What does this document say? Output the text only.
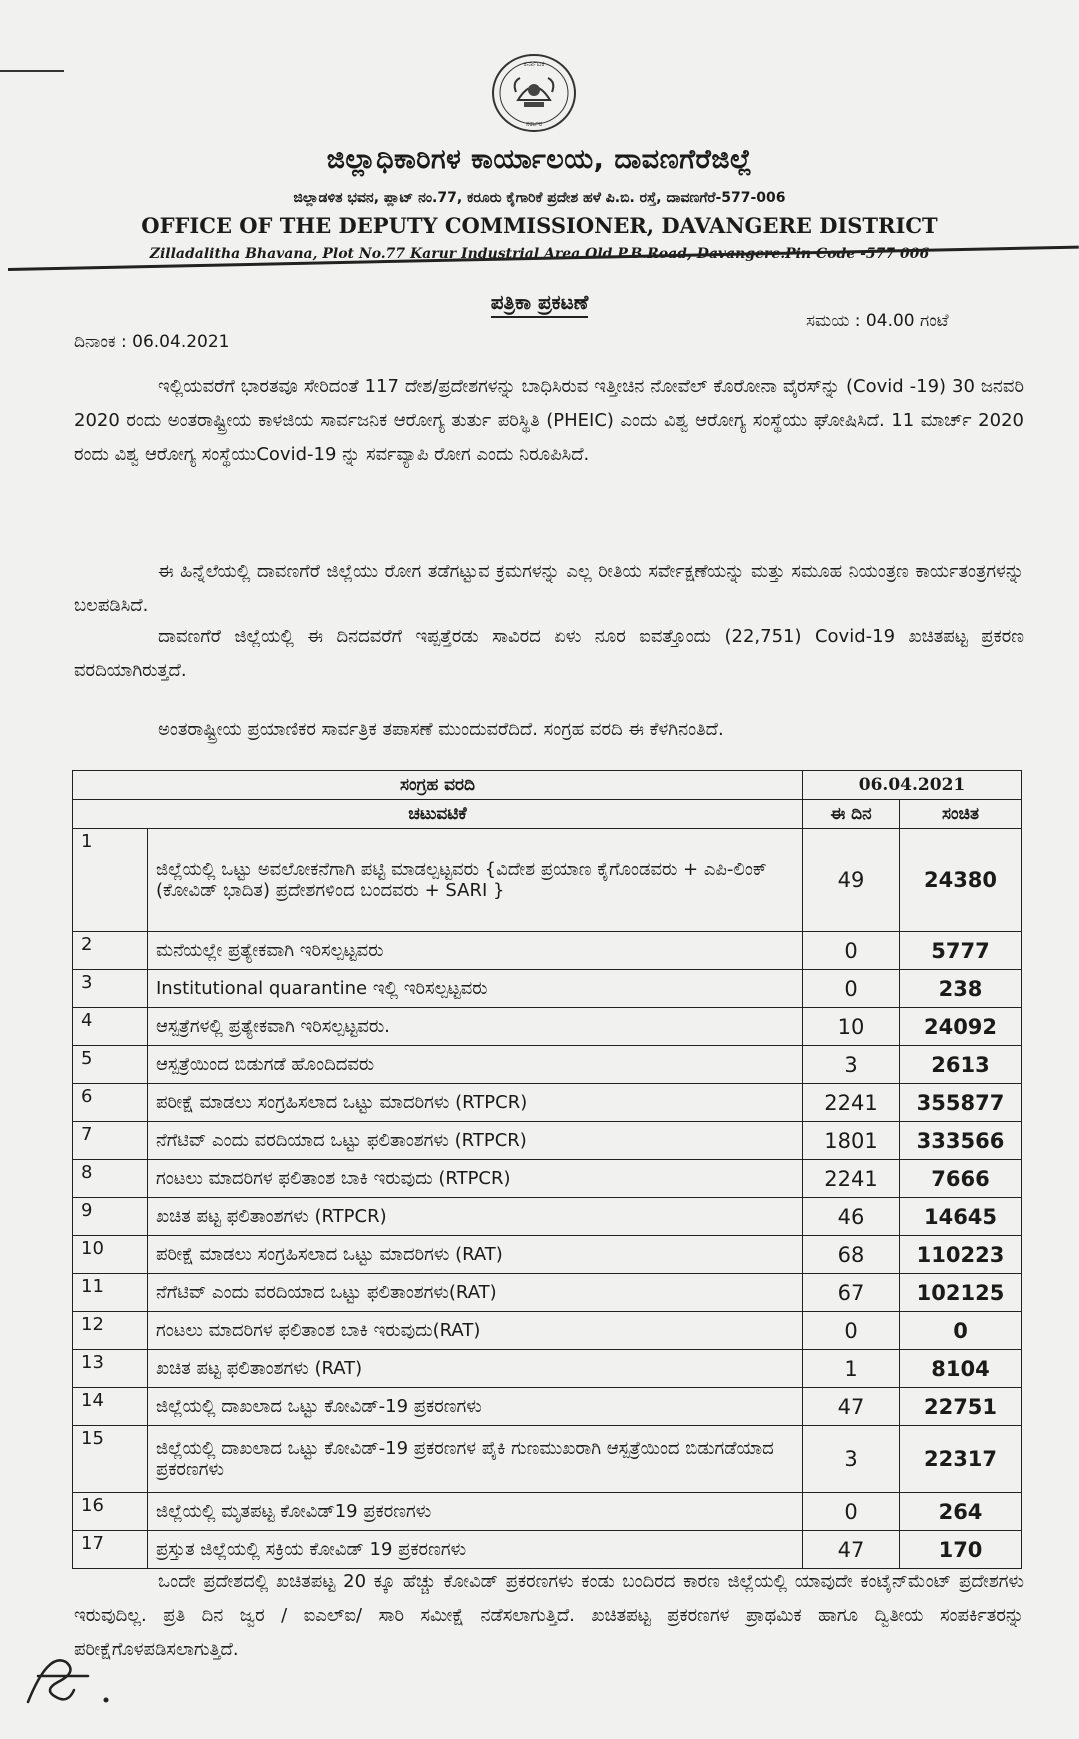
ಕರ್ನಾಟಕ
ಸರ್ಕಾರ
ಜಿಲ್ಲಾಧಿಕಾರಿಗಳ ಕಾರ್ಯಾಲಯ, ದಾವಣಗೆರೆಜಿಲ್ಲೆ
ಜಿಲ್ಲಾಡಳಿತ ಭವನ, ಪ್ಲಾಟ್ ನಂ.77, ಕರೂರು ಕೈಗಾರಿಕೆ ಪ್ರದೇಶ ಹಳೆ ಪಿ.ಬಿ. ರಸ್ತೆ, ದಾವಣಗೆರೆ-577-006
OFFICE OF THE DEPUTY COMMISSIONER, DAVANGERE DISTRICT
Zilladalitha Bhavana, Plot No.77 Karur Industrial Area Old P.B.Road, Davangere.Pin Code -577 006
ಪತ್ರಿಕಾ ಪ್ರಕಟಣೆ
ಸಮಯ : 04.00 ಗಂಟೆ
ದಿನಾಂಕ : 06.04.2021
ಇಲ್ಲಿಯವರೆಗೆ ಭಾರತವೂ ಸೇರಿದಂತೆ 117 ದೇಶ/ಪ್ರದೇಶಗಳನ್ನು ಬಾಧಿಸಿರುವ ಇತ್ತೀಚಿನ ನೋವೆಲ್ ಕೊರೋನಾ ವೈರಸ್‌ನ್ನು (Covid -19) 30 ಜನವರಿ 2020 ರಂದು ಅಂತರಾಷ್ಟ್ರೀಯ ಕಾಳಜಿಯ ಸಾರ್ವಜನಿಕ ಆರೋಗ್ಯ ತುರ್ತು ಪರಿಸ್ಥಿತಿ (PHEIC) ಎಂದು ವಿಶ್ವ ಆರೋಗ್ಯ ಸಂಸ್ಥೆಯು ಘೋಷಿಸಿದೆ. 11 ಮಾರ್ಚ್ 2020 ರಂದು ವಿಶ್ವ ಆರೋಗ್ಯ ಸಂಸ್ಥೆಯುCovid-19 ನ್ನು ಸರ್ವವ್ಯಾಪಿ ರೋಗ ಎಂದು ನಿರೂಪಿಸಿದೆ.
ಈ ಹಿನ್ನೆಲೆಯಲ್ಲಿ ದಾವಣಗೆರೆ ಜಿಲ್ಲೆಯು ರೋಗ ತಡೆಗಟ್ಟುವ ಕ್ರಮಗಳನ್ನು ಎಲ್ಲ ರೀತಿಯ ಸರ್ವೇಕ್ಷಣೆಯನ್ನು ಮತ್ತು ಸಮೂಹ ನಿಯಂತ್ರಣ ಕಾರ್ಯತಂತ್ರಗಳನ್ನು ಬಲಪಡಿಸಿದೆ.
ದಾವಣಗೆರೆ ಜಿಲ್ಲೆಯಲ್ಲಿ ಈ ದಿನದವರೆಗೆ ಇಪ್ಪತ್ತೆರಡು ಸಾವಿರದ ಏಳು ನೂರ ಐವತ್ತೊಂದು (22,751) Covid-19 ಖಚಿತಪಟ್ಟ ಪ್ರಕರಣ ವರದಿಯಾಗಿರುತ್ತದೆ.
ಅಂತರಾಷ್ಟ್ರೀಯ ಪ್ರಯಾಣಿಕರ ಸಾರ್ವತ್ರಿಕ ತಪಾಸಣೆ ಮುಂದುವರೆದಿದೆ. ಸಂಗ್ರಹ ವರದಿ ಈ ಕೆಳಗಿನಂತಿದೆ.
ಸಂಗ್ರಹ ವರದಿ		06.04.2021	
ಚಟುವಟಿಕೆ		ಈ ದಿನ	ಸಂಚಿತ
1	ಜಿಲ್ಲೆಯಲ್ಲಿ ಒಟ್ಟು ಅವಲೋಕನೆಗಾಗಿ ಪಟ್ಟಿ ಮಾಡಲ್ಪಟ್ಟವರು {ವಿದೇಶ ಪ್ರಯಾಣ ಕೈಗೊಂಡವರು + ಎಪಿ-ಲಿಂಕ್ (ಕೋವಿಡ್ ಭಾದಿತ) ಪ್ರದೇಶಗಳಿಂದ ಬಂದವರು + SARI }	49	24380
2	ಮನೆಯಲ್ಲೇ ಪ್ರತ್ಯೇಕವಾಗಿ ಇರಿಸಲ್ಪಟ್ಟವರು	0	5777
3	Institutional quarantine ಇಲ್ಲಿ ಇರಿಸಲ್ಪಟ್ಟವರು	0	238
4	ಆಸ್ಪತ್ರೆಗಳಲ್ಲಿ ಪ್ರತ್ಯೇಕವಾಗಿ ಇರಿಸಲ್ಪಟ್ಟವರು.	10	24092
5	ಆಸ್ಪತ್ರೆಯಿಂದ ಬಿಡುಗಡೆ ಹೊಂದಿದವರು	3	2613
6	ಪರೀಕ್ಷೆ ಮಾಡಲು ಸಂಗ್ರಹಿಸಲಾದ ಒಟ್ಟು ಮಾದರಿಗಳು (RTPCR)	2241	355877
7	ನೆಗೆಟಿವ್ ಎಂದು ವರದಿಯಾದ ಒಟ್ಟು ಫಲಿತಾಂಶಗಳು (RTPCR)	1801	333566
8	ಗಂಟಲು ಮಾದರಿಗಳ ಫಲಿತಾಂಶ ಬಾಕಿ ಇರುವುದು (RTPCR)	2241	7666
9	ಖಚಿತ ಪಟ್ಟ ಫಲಿತಾಂಶಗಳು (RTPCR)	46	14645
10	ಪರೀಕ್ಷೆ ಮಾಡಲು ಸಂಗ್ರಹಿಸಲಾದ ಒಟ್ಟು ಮಾದರಿಗಳು (RAT)	68	110223
11	ನೆಗೆಟಿವ್ ಎಂದು ವರದಿಯಾದ ಒಟ್ಟು ಫಲಿತಾಂಶಗಳು(RAT)	67	102125
12	ಗಂಟಲು ಮಾದರಿಗಳ ಫಲಿತಾಂಶ ಬಾಕಿ ಇರುವುದು(RAT)	0	0
13	ಖಚಿತ ಪಟ್ಟ ಫಲಿತಾಂಶಗಳು (RAT)	1	8104
14	ಜಿಲ್ಲೆಯಲ್ಲಿ ದಾಖಲಾದ ಒಟ್ಟು ಕೋವಿಡ್-19 ಪ್ರಕರಣಗಳು	47	22751
15	ಜಿಲ್ಲೆಯಲ್ಲಿ ದಾಖಲಾದ ಒಟ್ಟು ಕೋವಿಡ್-19 ಪ್ರಕರಣಗಳ ಪೈಕಿ ಗುಣಮುಖರಾಗಿ ಆಸ್ಪತ್ರೆಯಿಂದ ಬಿಡುಗಡೆಯಾದ ಪ್ರಕರಣಗಳು	3	22317
16	ಜಿಲ್ಲೆಯಲ್ಲಿ ಮೃತಪಟ್ಟ ಕೋವಿಡ್19 ಪ್ರಕರಣಗಳು	0	264
17	ಪ್ರಸ್ತುತ ಜಿಲ್ಲೆಯಲ್ಲಿ ಸಕ್ರಿಯ ಕೋವಿಡ್ 19 ಪ್ರಕರಣಗಳು	47	170
ಒಂದೇ ಪ್ರದೇಶದಲ್ಲಿ ಖಚಿತಪಟ್ಟ 20 ಕ್ಕೂ ಹೆಚ್ಚು ಕೋವಿಡ್ ಪ್ರಕರಣಗಳು ಕಂಡು ಬಂದಿರದ ಕಾರಣ ಜಿಲ್ಲೆಯಲ್ಲಿ ಯಾವುದೇ ಕಂಟೈನ್‌ಮೆಂಟ್ ಪ್ರದೇಶಗಳು ಇರುವುದಿಲ್ಲ. ಪ್ರತಿ ದಿನ ಜ್ವರ / ಐಎಲ್‌ಐ/ ಸಾರಿ ಸಮೀಕ್ಷೆ ನಡೆಸಲಾಗುತ್ತಿದೆ. ಖಚಿತಪಟ್ಟ ಪ್ರಕರಣಗಳ ಪ್ರಾಥಮಿಕ ಹಾಗೂ ದ್ವಿತೀಯ ಸಂಪರ್ಕಿತರನ್ನು ಪರೀಕ್ಷೆಗೊಳಪಡಿಸಲಾಗುತ್ತಿದೆ.
